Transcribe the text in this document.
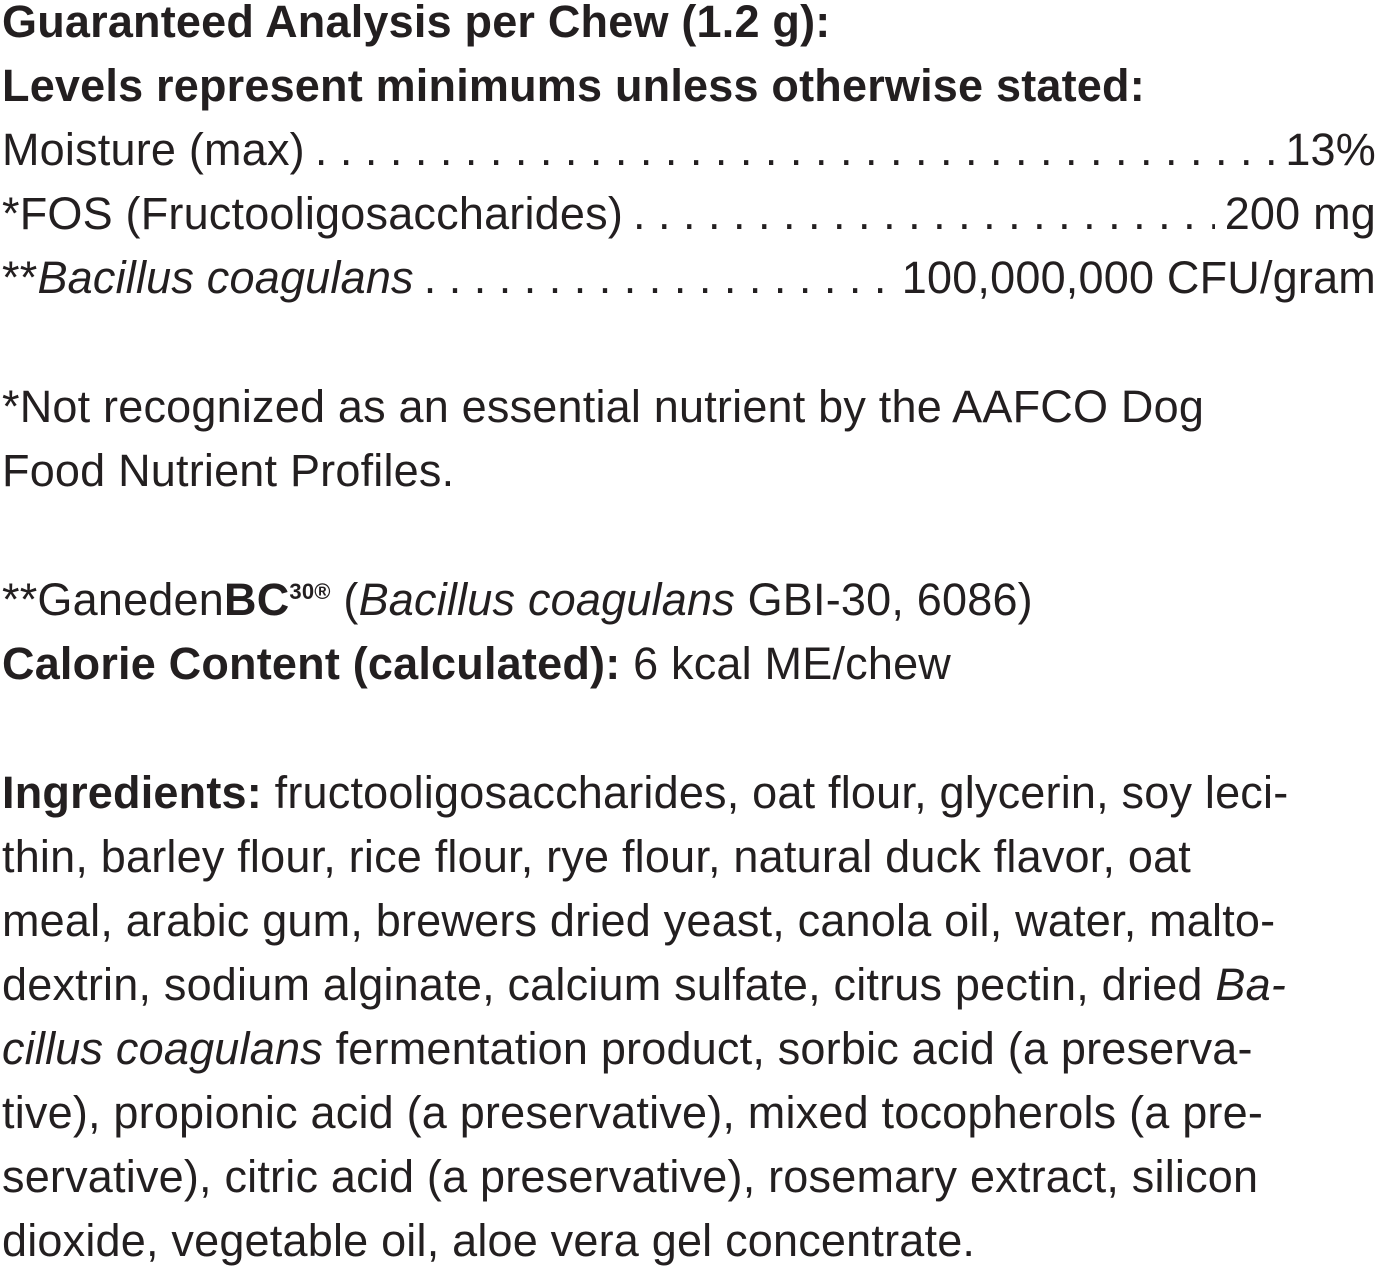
Guaranteed Analysis per Chew (1.2 g):
Levels represent minimums unless otherwise stated:
Moisture (max) . . .	13%
*FOS (Fructooligosaccharides) . . .	200 mg
**Bacillus coagulans . . .	100,000,000 CFU/gram
*Not recognized as an essential nutrient by the AAFCO Dog
Food Nutrient Profiles.
**GanedenBC$^{30®}$ (Bacillus coagulans GBI-30, 6086)
Calorie Content (calculated): 6 kcal ME/chew
Ingredients: fructooligosaccharides, oat flour, glycerin, soy leci-
thin, barley flour, rice flour, rye flour, natural duck flavor, oat
meal, arabic gum, brewers dried yeast, canola oil, water, malto-
dextrin, sodium alginate, calcium sulfate, citrus pectin, dried Ba-
cillus coagulans fermentation product, sorbic acid (a preserva-
tive), propionic acid (a preservative), mixed tocopherols (a pre-
servative), citric acid (a preservative), rosemary extract, silicon
dioxide, vegetable oil, aloe vera gel concentrate.
